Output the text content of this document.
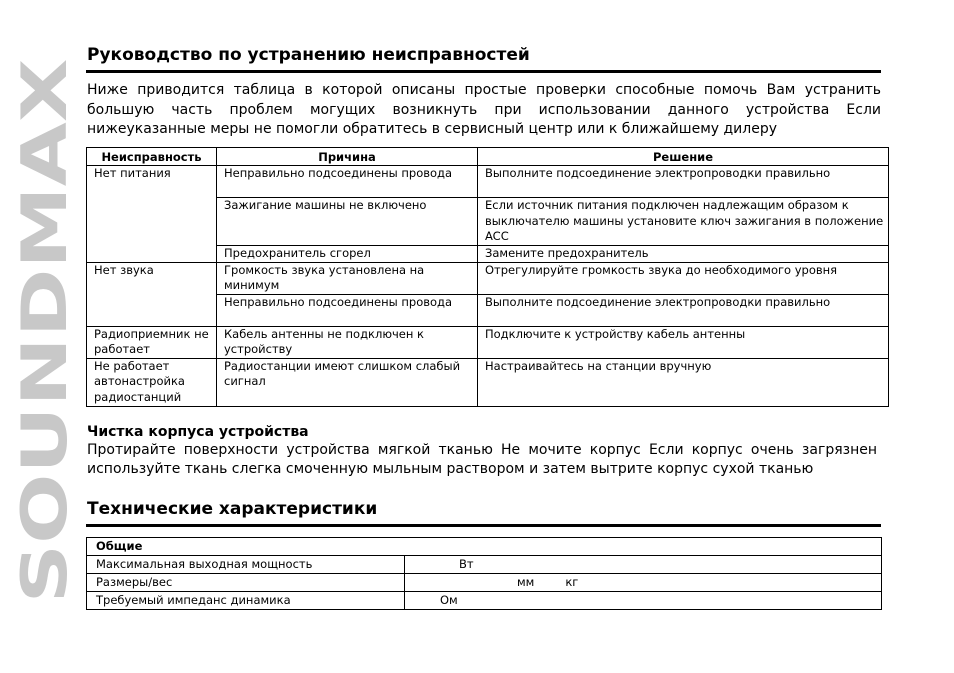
SOUNDMAX
Руководство по устранению неисправностей

Ниже приводится таблица в которой описаны простые проверки способные помочь Вам устранить большую часть проблем могущих возникнуть при использовании данного устройства Если нижеуказанные меры не помогли обратитесь в сервисный центр или к ближайшему дилеру

Неисправность	Причина	Решение
Нет питания	Неправильно подсоединены провода	Выполните подсоединение электропроводки правильно
	Зажигание машины не включено	Если источник питания подключен надлежащим образом к выключателю машины установите ключ зажигания в положение ACC
	Предохранитель сгорел	Замените предохранитель
Нет звука	Громкость звука установлена на минимум	Отрегулируйте громкость звука до необходимого уровня
	Неправильно подсоединены провода	Выполните подсоединение электропроводки правильно
Радиоприемник не работает	Кабель антенны не подключен к устройству	Подключите к устройству кабель антенны
Не работает автонастройка радиостанций	Радиостанции имеют слишком слабый сигнал	Настраивайтесь на станции вручную
Чистка корпуса устройства

Протирайте поверхности устройства мягкой тканью Не мочите корпус Если корпус очень загрязнен используйте ткань слегка смоченную мыльным раствором и затем вытрите корпус сухой тканью

Технические характеристики
Общие	
Максимальная выходная мощность	Вт
Размеры/вес	мм кг
Требуемый импеданс динамика	Ом
